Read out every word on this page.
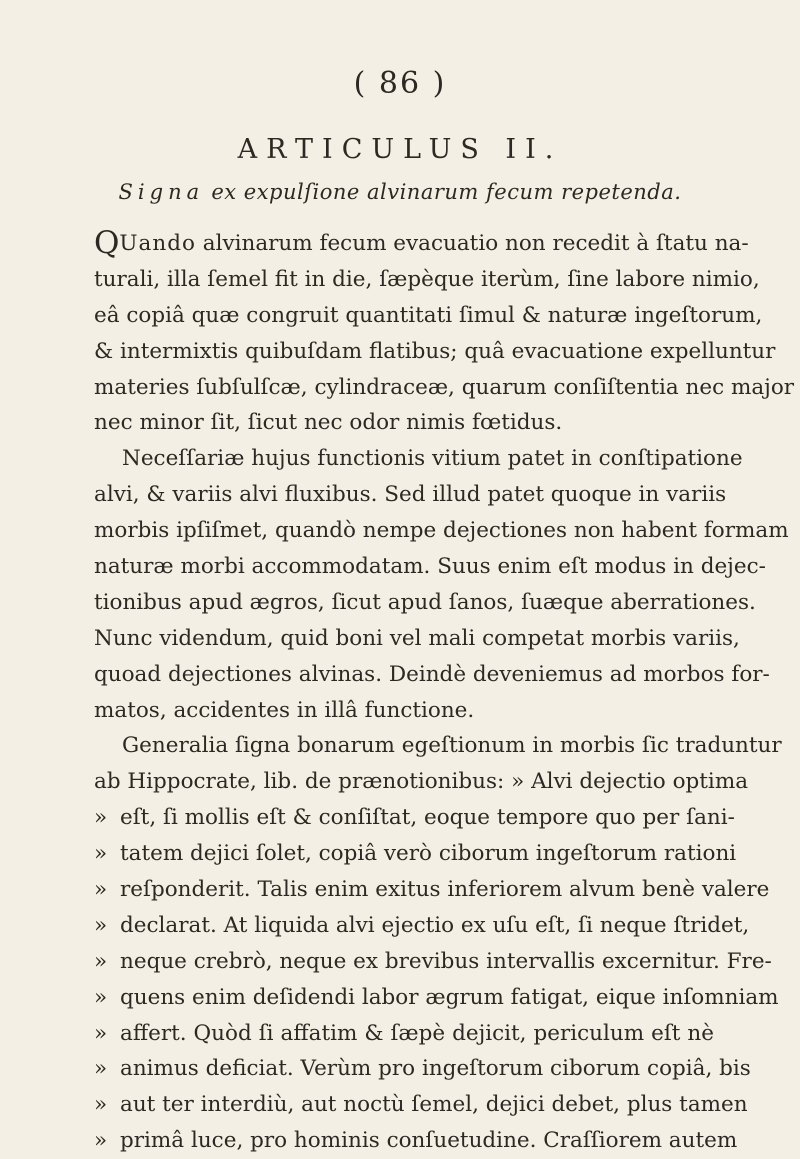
( 86 )
ARTICULUS II.
Signa ex expulſione alvinarum fecum repetenda.
QUando alvinarum fecum evacuatio non recedit à ſtatu na-
turali, illa ſemel fit in die, ſæpèque iterùm, ſine labore nimio,
eâ copiâ quæ congruit quantitati ſimul & naturæ ingeſtorum,
& intermixtis quibuſdam flatibus; quâ evacuatione expelluntur
materies ſubſulſcæ, cylindraceæ, quarum conſiſtentia nec major
nec minor ſit, ſicut nec odor nimis fœtidus.
Neceſſariæ hujus functionis vitium patet in conſtipatione
alvi, & variis alvi fluxibus. Sed illud patet quoque in variis
morbis ipſiſmet, quandò nempe dejectiones non habent formam
naturæ morbi accommodatam. Suus enim eſt modus in dejec-
tionibus apud ægros, ſicut apud ſanos, ſuæque aberrationes.
Nunc videndum, quid boni vel mali competat morbis variis,
quoad dejectiones alvinas. Deindè deveniemus ad morbos for-
matos, accidentes in illâ functione.
Generalia ſigna bonarum egeſtionum in morbis ſic traduntur
ab Hippocrate, lib. de prænotionibus: » Alvi dejectio optima
» eſt, ſi mollis eſt & conſiſtat, eoque tempore quo per ſani-
» tatem dejici ſolet, copiâ verò ciborum ingeſtorum rationi
» reſponderit. Talis enim exitus inferiorem alvum benè valere
» declarat. At liquida alvi ejectio ex uſu eſt, ſi neque ſtridet,
» neque crebrò, neque ex brevibus intervallis excernitur. Fre-
» quens enim deſidendi labor ægrum fatigat, eique inſomniam
» affert. Quòd ſi affatim & ſæpè dejicit, periculum eſt nè
» animus deficiat. Verùm pro ingeſtorum ciborum copiâ, bis
» aut ter interdiù, aut noctù ſemel, dejici debet, plus tamen
» primâ luce, pro hominis conſuetudine. Craſſiorem autem
